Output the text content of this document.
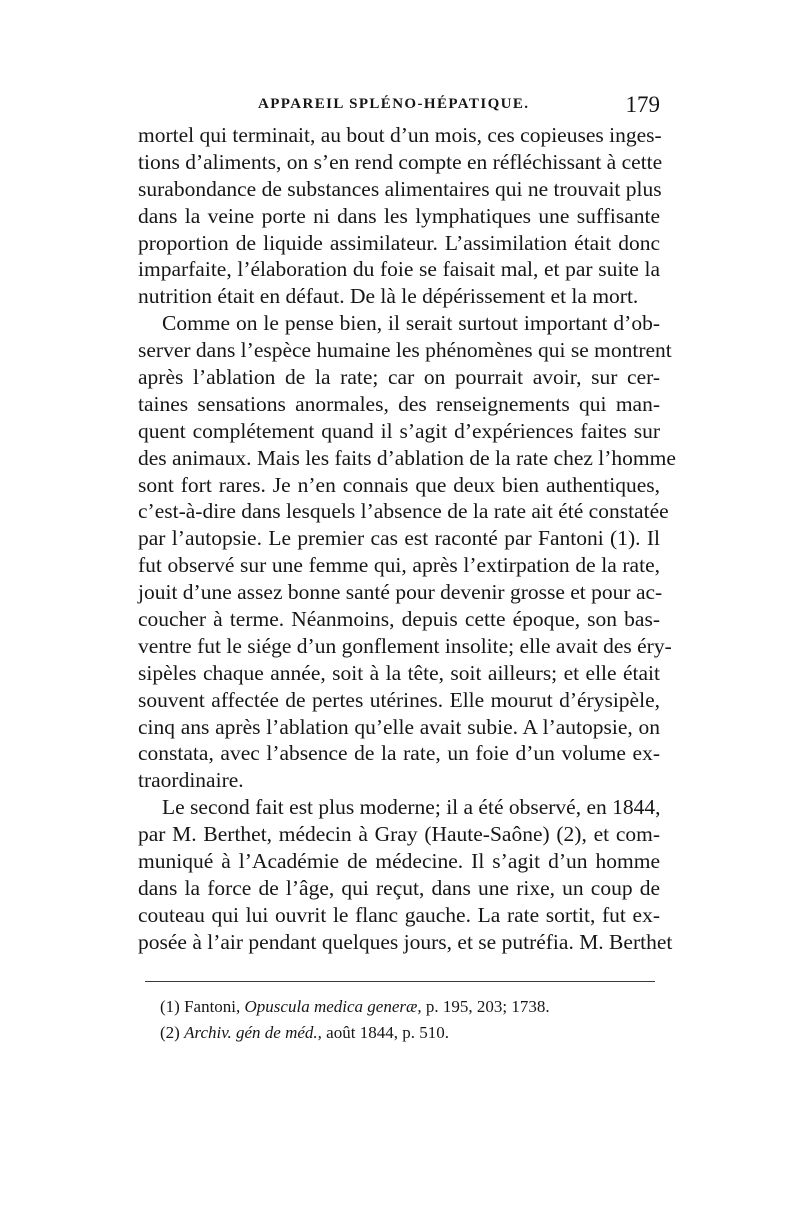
APPAREIL SPLÉNO-HÉPATIQUE.	179
mortel qui terminait, au bout d’un mois, ces copieuses inges-
tions d’aliments, on s’en rend compte en réfléchissant à cette
surabondance de substances alimentaires qui ne trouvait plus
dans la veine porte ni dans les lymphatiques une suffisante
proportion de liquide assimilateur. L’assimilation était donc
imparfaite, l’élaboration du foie se faisait mal, et par suite la
nutrition était en défaut. De là le dépérissement et la mort.
Comme on le pense bien, il serait surtout important d’ob-
server dans l’espèce humaine les phénomènes qui se montrent
après l’ablation de la rate; car on pourrait avoir, sur cer-
taines sensations anormales, des renseignements qui man-
quent complétement quand il s’agit d’expériences faites sur
des animaux. Mais les faits d’ablation de la rate chez l’homme
sont fort rares. Je n’en connais que deux bien authentiques,
c’est-à-dire dans lesquels l’absence de la rate ait été constatée
par l’autopsie. Le premier cas est raconté par Fantoni (1). Il
fut observé sur une femme qui, après l’extirpation de la rate,
jouit d’une assez bonne santé pour devenir grosse et pour ac-
coucher à terme. Néanmoins, depuis cette époque, son bas-
ventre fut le siége d’un gonflement insolite; elle avait des éry-
sipèles chaque année, soit à la tête, soit ailleurs; et elle était
souvent affectée de pertes utérines. Elle mourut d’érysipèle,
cinq ans après l’ablation qu’elle avait subie. A l’autopsie, on
constata, avec l’absence de la rate, un foie d’un volume ex-
traordinaire.
Le second fait est plus moderne; il a été observé, en 1844,
par M. Berthet, médecin à Gray (Haute-Saône) (2), et com-
muniqué à l’Académie de médecine. Il s’agit d’un homme
dans la force de l’âge, qui reçut, dans une rixe, un coup de
couteau qui lui ouvrit le flanc gauche. La rate sortit, fut ex-
posée à l’air pendant quelques jours, et se putréfia. M. Berthet
(1) Fantoni, Opuscula medica generæ, p. 195, 203; 1738.
(2) Archiv. gén de méd., août 1844, p. 510.
